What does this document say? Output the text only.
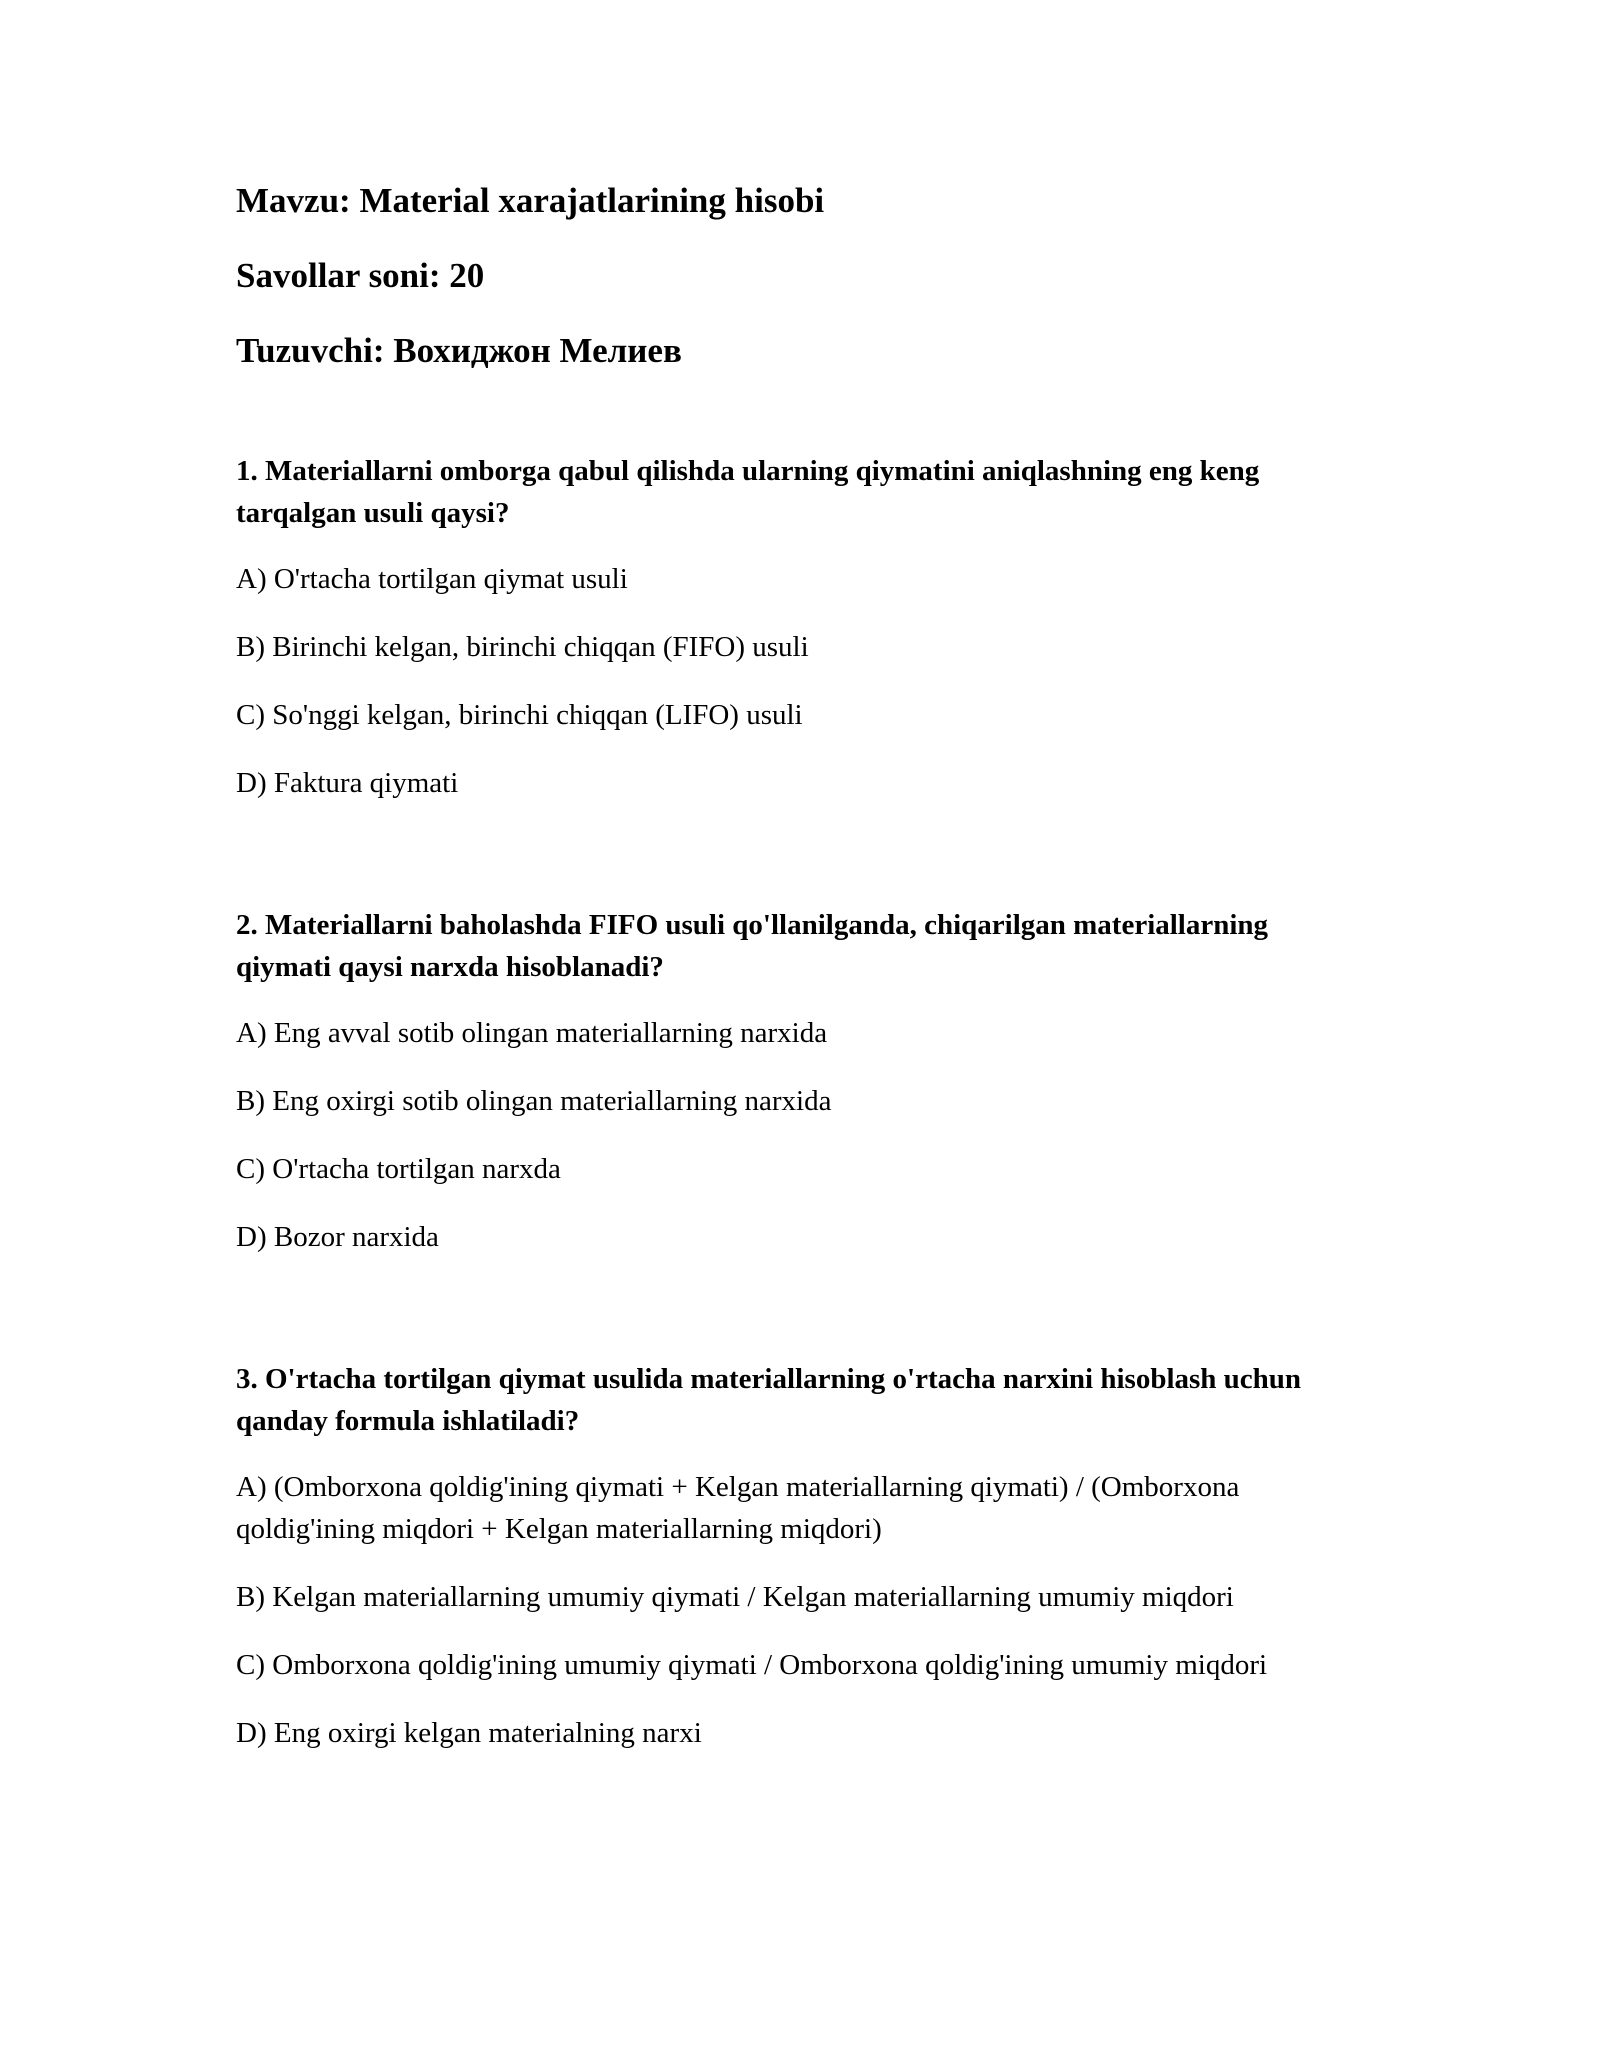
Mavzu: Material xarajatlarining hisobi

Savollar soni: 20

Tuzuvchi: Вохиджон Мелиев

1. Materiallarni omborga qabul qilishda ularning qiymatini aniqlashning eng keng tarqalgan usuli qaysi?

A) O'rtacha tortilgan qiymat usuli

B) Birinchi kelgan, birinchi chiqqan (FIFO) usuli

C) So'nggi kelgan, birinchi chiqqan (LIFO) usuli

D) Faktura qiymati

2. Materiallarni baholashda FIFO usuli qo'llanilganda, chiqarilgan materiallarning qiymati qaysi narxda hisoblanadi?

A) Eng avval sotib olingan materiallarning narxida

B) Eng oxirgi sotib olingan materiallarning narxida

C) O'rtacha tortilgan narxda

D) Bozor narxida

3. O'rtacha tortilgan qiymat usulida materiallarning o'rtacha narxini hisoblash uchun qanday formula ishlatiladi?

A) (Omborxona qoldig'ining qiymati + Kelgan materiallarning qiymati) / (Omborxona qoldig'ining miqdori + Kelgan materiallarning miqdori)

B) Kelgan materiallarning umumiy qiymati / Kelgan materiallarning umumiy miqdori

C) Omborxona qoldig'ining umumiy qiymati / Omborxona qoldig'ining umumiy miqdori

D) Eng oxirgi kelgan materialning narxi
